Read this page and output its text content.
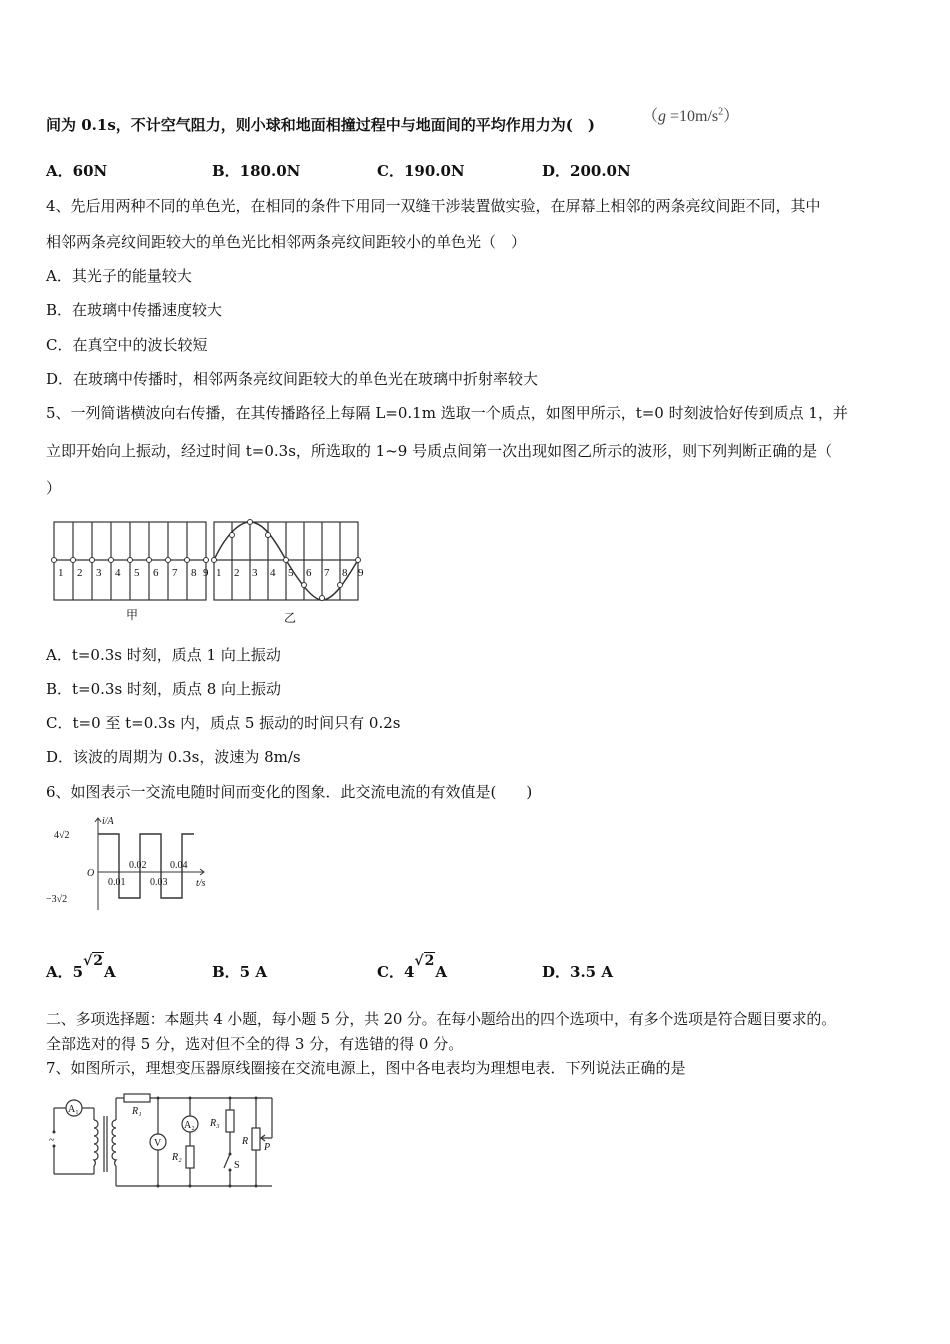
间为 0.1s，不计空气阻力，则小球和地面相撞过程中与地面间的平均作用力为(　)	$(g =10m/s^2)$
A．60N	B．180.0N	C．190.0N	D．200.0N
4、先后用两种不同的单色光，在相同的条件下用同一双缝干涉装置做实验，在屏幕上相邻的两条亮纹间距不同，其中
相邻两条亮纹间距较大的单色光比相邻两条亮纹间距较小的单色光（　）
A．其光子的能量较大
B．在玻璃中传播速度较大
C．在真空中的波长较短
D．在玻璃中传播时，相邻两条亮纹间距较大的单色光在玻璃中折射率较大
5、一列简谐横波向右传播，在其传播路径上每隔 L=0.1m 选取一个质点，如图甲所示，t=0 时刻波恰好传到质点 1，并
立即开始向上振动，经过时间 t=0.3s，所选取的 1~9 号质点间第一次出现如图乙所示的波形，则下列判断正确的是（
）
1 2 3 4 5 6 7 8 9
甲
1 2 3 4 5 6 7 8 9
乙
A．t=0.3s 时刻，质点 1 向上振动
B．t=0.3s 时刻，质点 8 向上振动
C．t=0 至 t=0.3s 内，质点 5 振动的时间只有 0.2s
D．该波的周期为 0.3s，波速为 8m/s
6、如图表示一交流电随时间而变化的图象．此交流电流的有效值是(　　)
i/A
t/s
O
4√2
−3√2
0.02 0.04
0.01 0.03
A．5√2A	B．5 A	C．4√2A	D．3.5 A
二、多项选择题：本题共 4 小题，每小题 5 分，共 20 分。在每小题给出的四个选项中，有多个选项是符合题目要求的。
全部选对的得 5 分，选对但不全的得 3 分，有选错的得 0 分。
7、如图所示，理想变压器原线圈接在交流电源上，图中各电表均为理想电表．下列说法正确的是
~
A₁
V
A₂
R₁
R₂
R₃
R
P
S
